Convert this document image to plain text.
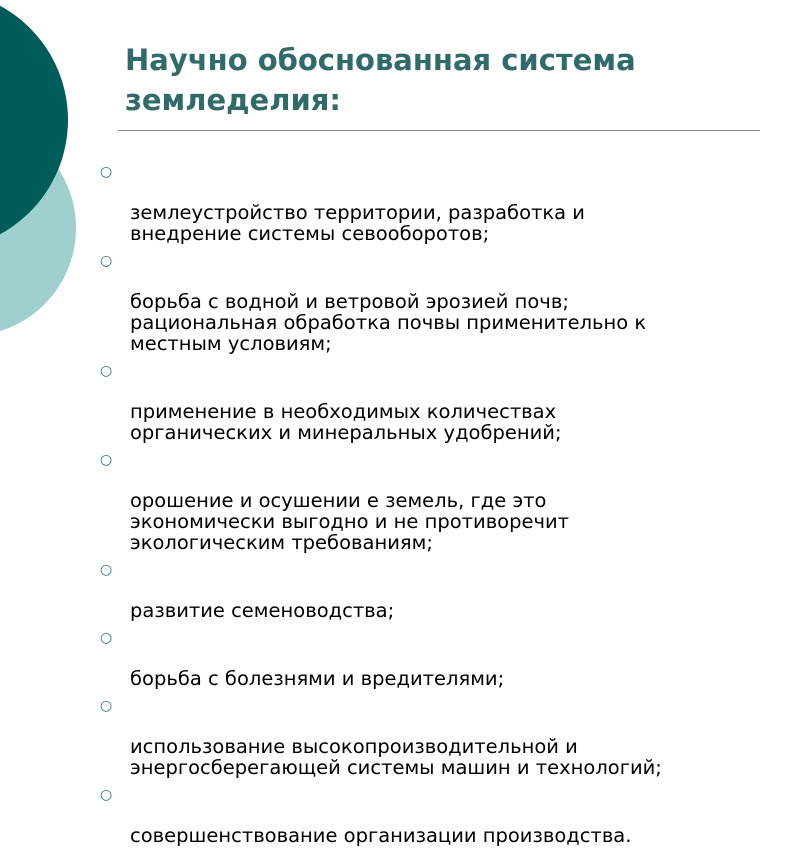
Научно обоснованная система
земледелия:

○

землеустройство территории, разработка и
внедрение системы севооборотов;

○

борьба с водной и ветровой эрозией почв;
рациональная обработка почвы применительно к
местным условиям;

○

применение в необходимых количествах
органических и минеральных удобрений;

○

орошение и осушении е земель, где это
экономически выгодно и не противоречит
экологическим требованиям;

○

развитие семеноводства;

○

борьба с болезнями и вредителями;

○

использование высокопроизводительной и
энергосберегающей системы машин и технологий;

○

совершенствование организации производства.
